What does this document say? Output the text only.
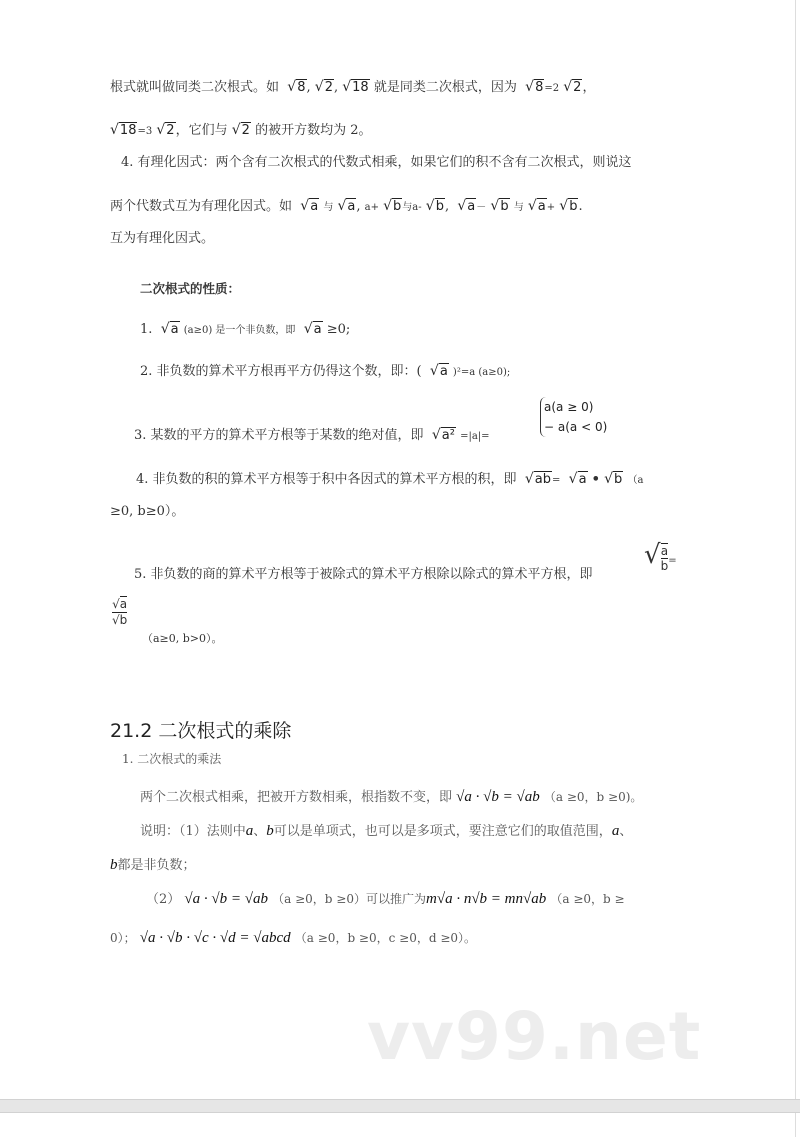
根式就叫做同类二次根式。如 √8, √2, √18 就是同类二次根式，因为 √8=2 √2，
√18=3 √2，它们与 √2 的被开方数均为 2。
4. 有理化因式：两个含有二次根式的代数式相乘，如果它们的积不含有二次根式，则说这
两个代数式互为有理化因式。如 √a 与 √a, a+ √b与a- √b,  √a－ √b 与 √a+ √b.
互为有理化因式。
二次根式的性质：
1. √a (a≥0) 是一个非负数，即 √a ≥0;
2. 非负数的算术平方根再平方仍得这个数，即：( √a )²=a (a≥0);
3. 某数的平方的算术平方根等于某数的绝对值，即 √a² =|a|=
a(a ≥ 0)
− a(a < 0)
4. 非负数的积的算术平方根等于积中各因式的算术平方根的积，即 √ab= √a • √b （a
≥0, b≥0）。
5. 非负数的商的算术平方根等于被除式的算术平方根除以除式的算术平方根，即
√ $\frac{a}{b}$ =
$\frac{√a}{√b}$
（a≥0, b>0）。
21.2 二次根式的乘除
1. 二次根式的乘法
两个二次根式相乘，把被开方数相乘，根指数不变，即 √a · √b = √ab （a ≥0，b ≥0)。
说明：（1）法则中a、b可以是单项式，也可以是多项式，要注意它们的取值范围，a、
b都是非负数；
（2） √a · √b = √ab （a ≥0，b ≥0）可以推广为m√a · n√b = mn√ab （a ≥0，b ≥
0）； √a · √b · √c · √d = √abcd （a ≥0，b ≥0，c ≥0，d ≥0）。
vv99.net
